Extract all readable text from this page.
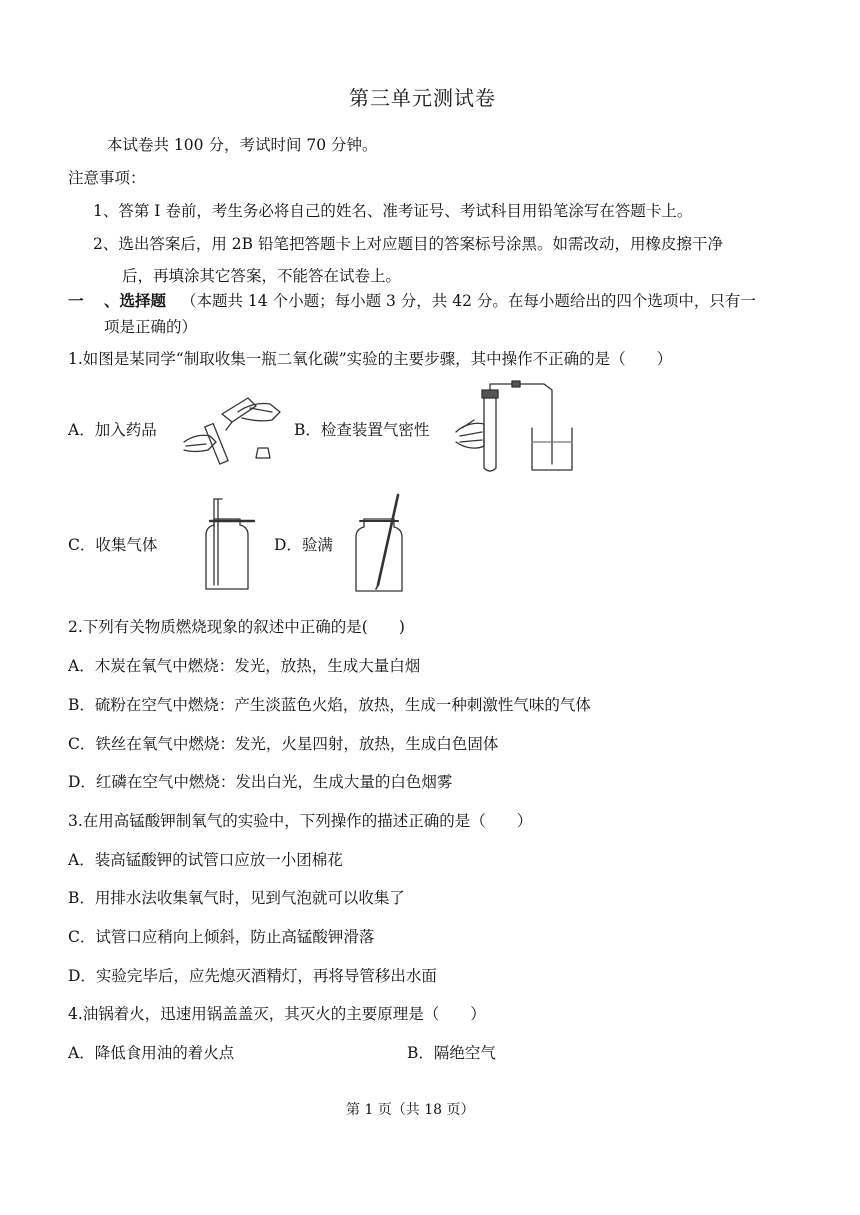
第三单元测试卷
本试卷共 100 分，考试时间 70 分钟。
注意事项：
1、答第 I 卷前，考生务必将自己的姓名、准考证号、考试科目用铅笔涂写在答题卡上。
2、选出答案后，用 2B 铅笔把答题卡上对应题目的答案标号涂黑。如需改动，用橡皮擦干净
后，再填涂其它答案，不能答在试卷上。
一 、选择题 （本题共 14 个小题；每小题 3 分，共 42 分。在每小题给出的四个选项中，只有一
项是正确的）
1.如图是某同学“制取收集一瓶二氧化碳”实验的主要步骤，其中操作不正确的是（　　）
A．加入药品	B．检查装置气密性
C．收集气体	D．验满
2.下列有关物质燃烧现象的叙述中正确的是(　　)
A．木炭在氧气中燃烧：发光，放热，生成大量白烟
B．硫粉在空气中燃烧：产生淡蓝色火焰，放热，生成一种刺激性气味的气体
C．铁丝在氧气中燃烧：发光，火星四射，放热，生成白色固体
D．红磷在空气中燃烧：发出白光，生成大量的白色烟雾
3.在用高锰酸钾制氧气的实验中，下列操作的描述正确的是（　　）
A．装高锰酸钾的试管口应放一小团棉花
B．用排水法收集氧气时，见到气泡就可以收集了
C．试管口应稍向上倾斜，防止高锰酸钾滑落
D．实验完毕后，应先熄灭酒精灯，再将导管移出水面
4.油锅着火，迅速用锅盖盖灭，其灭火的主要原理是（　　）
A．降低食用油的着火点	B．隔绝空气
第 1 页（共 18 页）
